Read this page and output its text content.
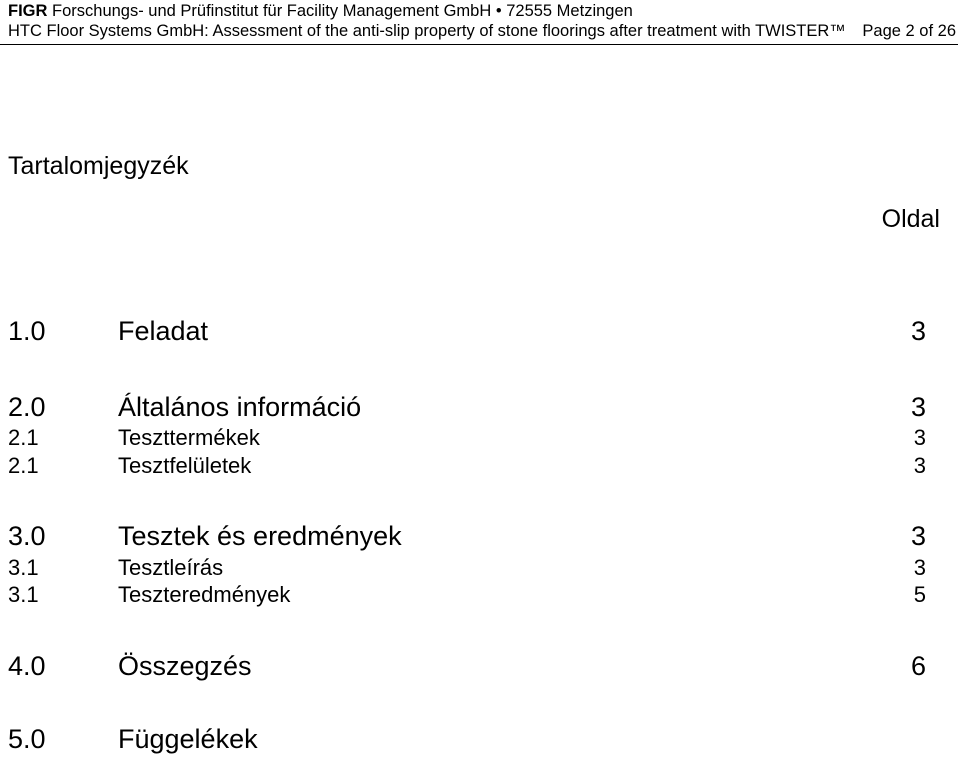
FIGR Forschungs- und Prüfinstitut für Facility Management GmbH • 72555 Metzingen
HTC Floor Systems GmbH: Assessment of the anti-slip property of stone floorings after treatment with TWISTER™ Page 2 of 26
Tartalomjegyzék
Oldal
1.0	Feladat	3
2.0	Általános információ	3
2.1	Teszttermékek	3
2.1	Tesztfelületek	3
3.0	Tesztek és eredmények	3
3.1	Tesztleírás	3
3.1	Teszteredmények	5
4.0	Összegzés	6
5.0	Függelékek
